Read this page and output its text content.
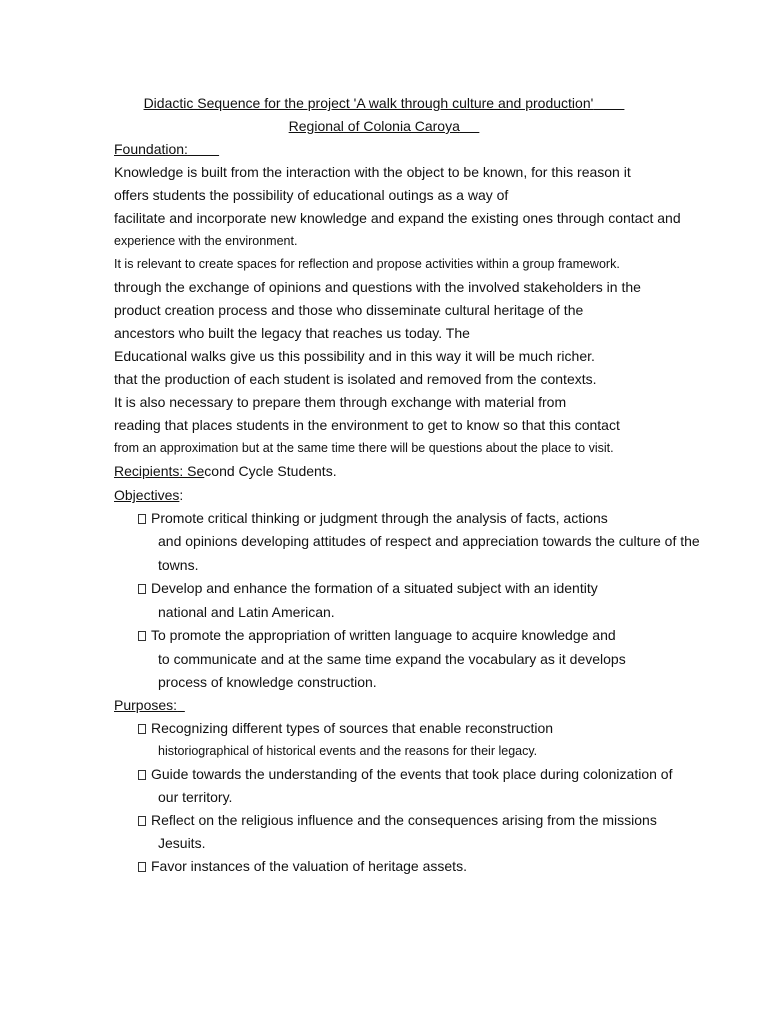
Didactic Sequence for the project 'A walk through culture and production'
Regional of Colonia Caroya
Foundation:
Knowledge is built from the interaction with the object to be known, for this reason it
offers students the possibility of educational outings as a way of
facilitate and incorporate new knowledge and expand the existing ones through contact and
experience with the environment.
It is relevant to create spaces for reflection and propose activities within a group framework.
through the exchange of opinions and questions with the involved stakeholders in the
product creation process and those who disseminate cultural heritage of the
ancestors who built the legacy that reaches us today. The
Educational walks give us this possibility and in this way it will be much richer.
that the production of each student is isolated and removed from the contexts.
It is also necessary to prepare them through exchange with material from
reading that places students in the environment to get to know so that this contact
from an approximation but at the same time there will be questions about the place to visit.
Recipients: Second Cycle Students.
Objectives:
Promote critical thinking or judgment through the analysis of facts, actions
and opinions developing attitudes of respect and appreciation towards the culture of the
towns.
Develop and enhance the formation of a situated subject with an identity
national and Latin American.
To promote the appropriation of written language to acquire knowledge and
to communicate and at the same time expand the vocabulary as it develops
process of knowledge construction.
Purposes:
Recognizing different types of sources that enable reconstruction
historiographical of historical events and the reasons for their legacy.
Guide towards the understanding of the events that took place during colonization of
our territory.
Reflect on the religious influence and the consequences arising from the missions
Jesuits.
Favor instances of the valuation of heritage assets.
